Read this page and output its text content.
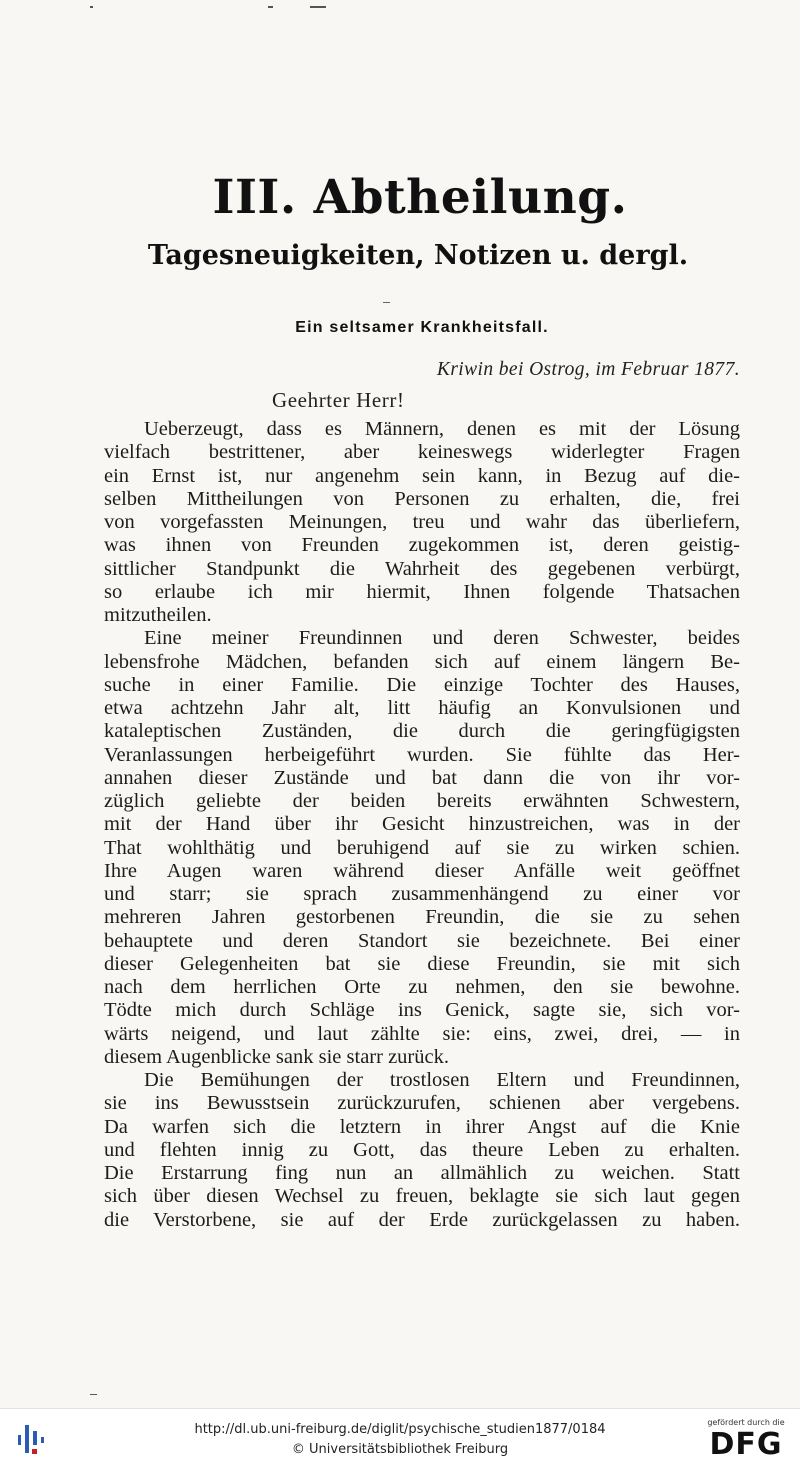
III. Abtheilung.
Tagesneuigkeiten, Notizen u. dergl.
Ein seltsamer Krankheitsfall.
Kriwin bei Ostrog, im Februar 1877.
Geehrter Herr!
Ueberzeugt, dass es Männern, denen es mit der Lösung
vielfach bestrittener, aber keineswegs widerlegter Fragen
ein Ernst ist, nur angenehm sein kann, in Bezug auf die-
selben Mittheilungen von Personen zu erhalten, die, frei
von vorgefassten Meinungen, treu und wahr das überliefern,
was ihnen von Freunden zugekommen ist, deren geistig-
sittlicher Standpunkt die Wahrheit des gegebenen verbürgt,
so erlaube ich mir hiermit, Ihnen folgende Thatsachen
mitzutheilen.
Eine meiner Freundinnen und deren Schwester, beides
lebensfrohe Mädchen, befanden sich auf einem längern Be-
suche in einer Familie. Die einzige Tochter des Hauses,
etwa achtzehn Jahr alt, litt häufig an Konvulsionen und
kataleptischen Zuständen, die durch die geringfügigsten
Veranlassungen herbeigeführt wurden. Sie fühlte das Her-
annahen dieser Zustände und bat dann die von ihr vor-
züglich geliebte der beiden bereits erwähnten Schwestern,
mit der Hand über ihr Gesicht hinzustreichen, was in der
That wohlthätig und beruhigend auf sie zu wirken schien.
Ihre Augen waren während dieser Anfälle weit geöffnet
und starr; sie sprach zusammenhängend zu einer vor
mehreren Jahren gestorbenen Freundin, die sie zu sehen
behauptete und deren Standort sie bezeichnete. Bei einer
dieser Gelegenheiten bat sie diese Freundin, sie mit sich
nach dem herrlichen Orte zu nehmen, den sie bewohne.
Tödte mich durch Schläge ins Genick, sagte sie, sich vor-
wärts neigend, und laut zählte sie: eins, zwei, drei, — in
diesem Augenblicke sank sie starr zurück.
Die Bemühungen der trostlosen Eltern und Freundinnen,
sie ins Bewusstsein zurückzurufen, schienen aber vergebens.
Da warfen sich die letztern in ihrer Angst auf die Knie
und flehten innig zu Gott, das theure Leben zu erhalten.
Die Erstarrung fing nun an allmählich zu weichen. Statt
sich über diesen Wechsel zu freuen, beklagte sie sich laut gegen
die Verstorbene, sie auf der Erde zurückgelassen zu haben.
http://dl.ub.uni-freiburg.de/diglit/psychische_studien1877/0184
© Universitätsbibliothek Freiburg
gefördert durch die
DFG
